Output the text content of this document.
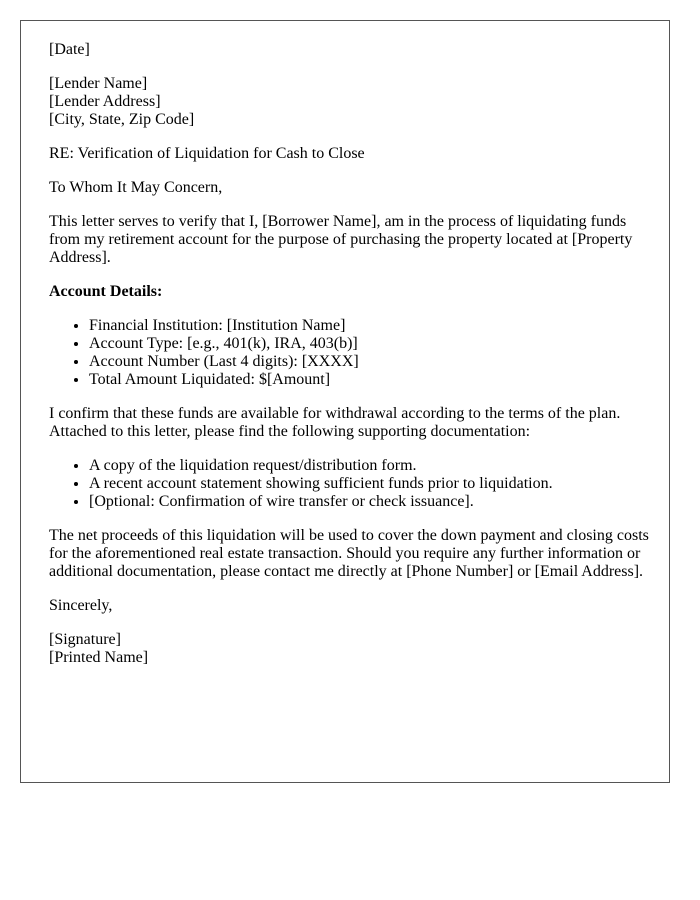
[Date]

[Lender Name]
[Lender Address]
[City, State, Zip Code]

RE: Verification of Liquidation for Cash to Close

To Whom It May Concern,

This letter serves to verify that I, [Borrower Name], am in the process of liquidating funds from my retirement account for the purpose of purchasing the property located at [Property Address].

Account Details:

• Financial Institution: [Institution Name]
• Account Type: [e.g., 401(k), IRA, 403(b)]
• Account Number (Last 4 digits): [XXXX]
• Total Amount Liquidated: $[Amount]

I confirm that these funds are available for withdrawal according to the terms of the plan. Attached to this letter, please find the following supporting documentation:

• A copy of the liquidation request/distribution form.
• A recent account statement showing sufficient funds prior to liquidation.
• [Optional: Confirmation of wire transfer or check issuance].

The net proceeds of this liquidation will be used to cover the down payment and closing costs for the aforementioned real estate transaction. Should you require any further information or additional documentation, please contact me directly at [Phone Number] or [Email Address].

Sincerely,

[Signature]
[Printed Name]
